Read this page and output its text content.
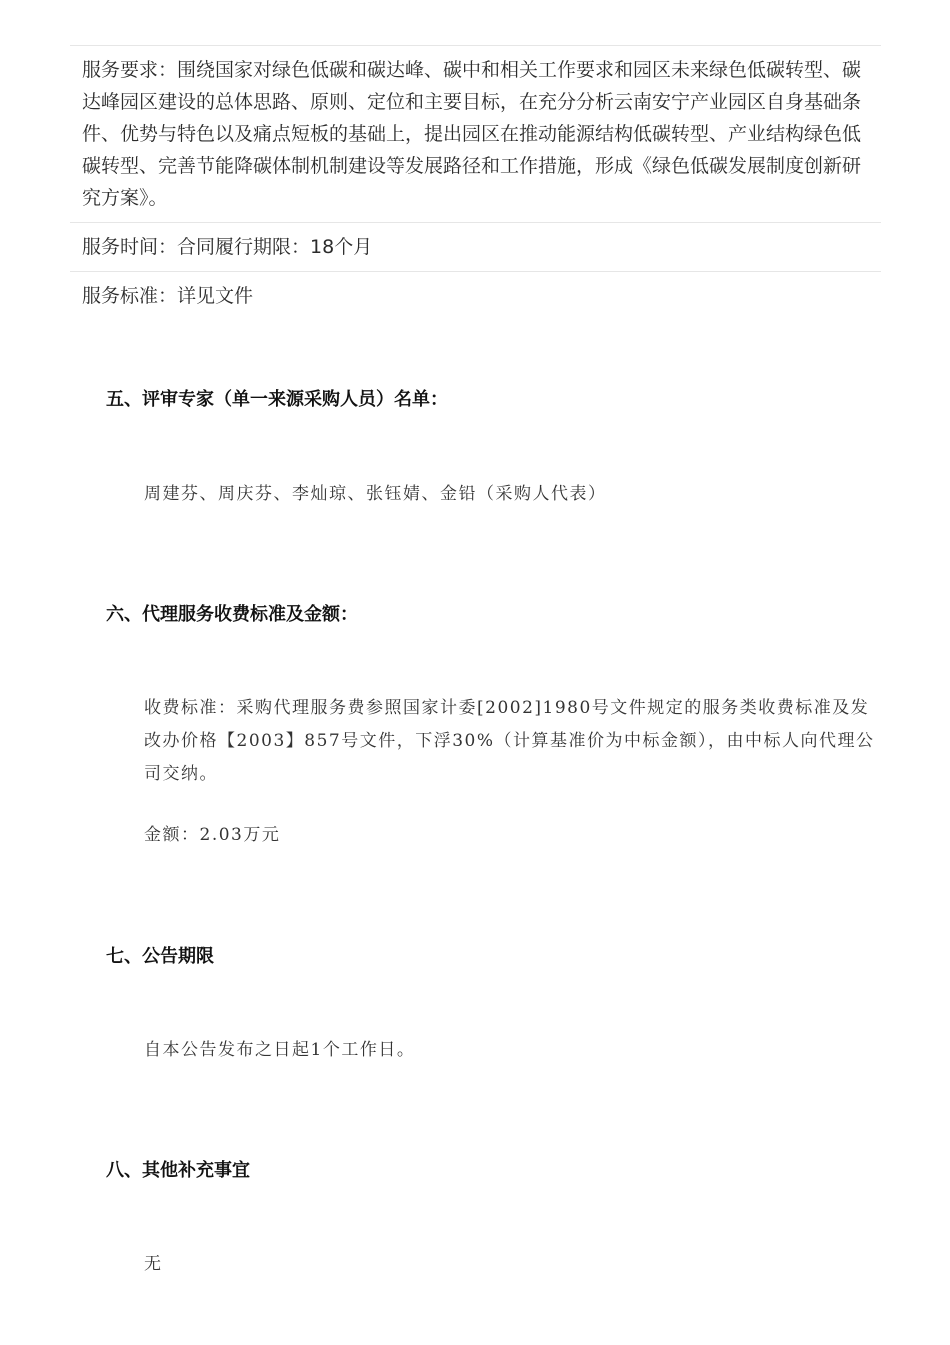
服务要求：围绕国家对绿色低碳和碳达峰、碳中和相关工作要求和园区未来绿色低碳转型、碳达峰园区建设的总体思路、原则、定位和主要目标，在充分分析云南安宁产业园区自身基础条件、优势与特色以及痛点短板的基础上，提出园区在推动能源结构低碳转型、产业结构绿色低碳转型、完善节能降碳体制机制建设等发展路径和工作措施，形成《绿色低碳发展制度创新研究方案》。
服务时间：合同履行期限：18个月
服务标准：详见文件
五、评审专家（单一来源采购人员）名单：
周建芬、周庆芬、李灿琼、张钰婧、金铅（采购人代表）
六、代理服务收费标准及金额：
收费标准：采购代理服务费参照国家计委[2002]1980号文件规定的服务类收费标准及发改办价格【2003】857号文件，下浮30%（计算基准价为中标金额），由中标人向代理公司交纳。
金额：2.03万元
七、公告期限
自本公告发布之日起1个工作日。
八、其他补充事宜
无
